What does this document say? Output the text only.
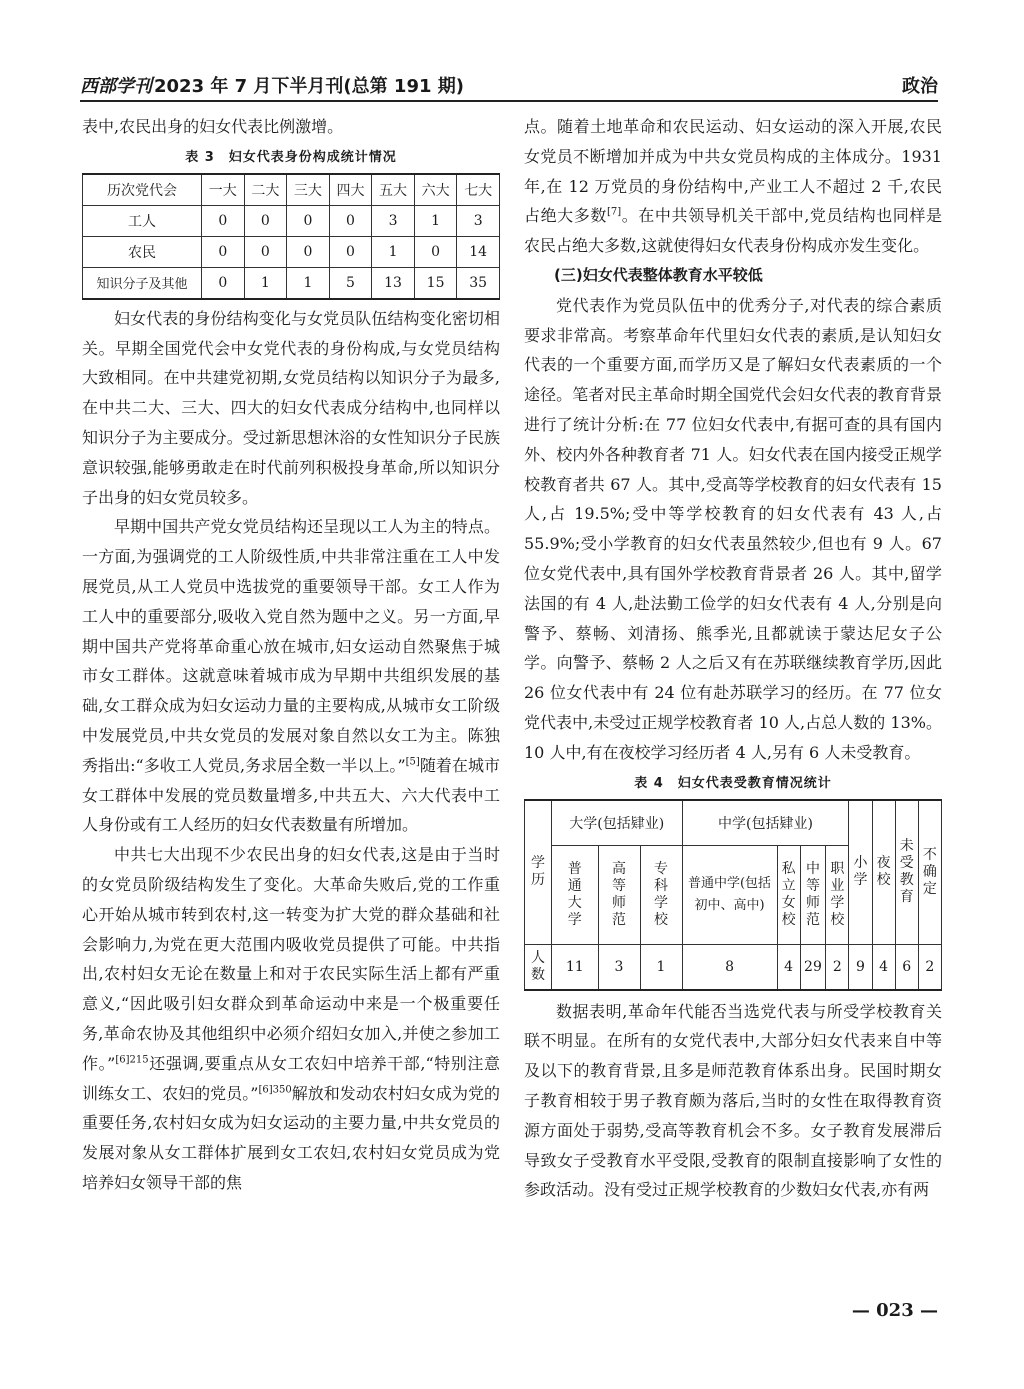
西部学刊 2023 年 7 月下半月刊(总第 191 期)	政治

表中,农民出身的妇女代表比例激增。

表 3　妇女代表身份构成统计情况
历次党代会	一大	二大	三大	四大	五大	六大	七大
工人	0	0	0	0	3	1	3
农民	0	0	0	0	1	0	14
知识分子及其他	0	1	1	5	13	15	35

妇女代表的身份结构变化与女党员队伍结构变化密切相关。早期全国党代会中女党代表的身份构成,与女党员结构大致相同。在中共建党初期,女党员结构以知识分子为最多,在中共二大、三大、四大的妇女代表成分结构中,也同样以知识分子为主要成分。受过新思想沐浴的女性知识分子民族意识较强,能够勇敢走在时代前列积极投身革命,所以知识分子出身的妇女党员较多。

早期中国共产党女党员结构还呈现以工人为主的特点。一方面,为强调党的工人阶级性质,中共非常注重在工人中发展党员,从工人党员中选拔党的重要领导干部。女工人作为工人中的重要部分,吸收入党自然为题中之义。另一方面,早期中国共产党将革命重心放在城市,妇女运动自然聚焦于城市女工群体。这就意味着城市成为早期中共组织发展的基础,女工群众成为妇女运动力量的主要构成,从城市女工阶级中发展党员,中共女党员的发展对象自然以女工为主。陈独秀指出:“多收工人党员,务求居全数一半以上。”[5]随着在城市女工群体中发展的党员数量增多,中共五大、六大代表中工人身份或有工人经历的妇女代表数量有所增加。

中共七大出现不少农民出身的妇女代表,这是由于当时的女党员阶级结构发生了变化。大革命失败后,党的工作重心开始从城市转到农村,这一转变为扩大党的群众基础和社会影响力,为党在更大范围内吸收党员提供了可能。中共指出,农村妇女无论在数量上和对于农民实际生活上都有严重意义,“因此吸引妇女群众到革命运动中来是一个极重要任务,革命农协及其他组织中必须介绍妇女加入,并使之参加工作。”$^{[6]215}$还强调,要重点从女工农妇中培养干部,“特别注意训练女工、农妇的党员。”$^{[6]350}$解放和发动农村妇女成为党的重要任务,农村妇女成为妇女运动的主要力量,中共女党员的发展对象从女工群体扩展到女工农妇,农村妇女党员成为党培养妇女领导干部的焦

点。随着土地革命和农民运动、妇女运动的深入开展,农民女党员不断增加并成为中共女党员构成的主体成分。1931 年,在 12 万党员的身份结构中,产业工人不超过 2 千,农民占绝大多数[7]。在中共领导机关干部中,党员结构也同样是农民占绝大多数,这就使得妇女代表身份构成亦发生变化。

(三)妇女代表整体教育水平较低

党代表作为党员队伍中的优秀分子,对代表的综合素质要求非常高。考察革命年代里妇女代表的素质,是认知妇女代表的一个重要方面,而学历又是了解妇女代表素质的一个途径。笔者对民主革命时期全国党代会妇女代表的教育背景进行了统计分析:在 77 位妇女代表中,有据可查的具有国内外、校内外各种教育者 71 人。妇女代表在国内接受正规学校教育者共 67 人。其中,受高等学校教育的妇女代表有 15 人,占 19.5%;受中等学校教育的妇女代表有 43 人,占 55.9%;受小学教育的妇女代表虽然较少,但也有 9 人。67 位女党代表中,具有国外学校教育背景者 26 人。其中,留学法国的有 4 人,赴法勤工俭学的妇女代表有 4 人,分别是向警予、蔡畅、刘清扬、熊季光,且都就读于蒙达尼女子公学。向警予、蔡畅 2 人之后又有在苏联继续教育学历,因此 26 位女代表中有 24 位有赴苏联学习的经历。在 77 位女党代表中,未受过正规学校教育者 10 人,占总人数的 13%。10 人中,有在夜校学习经历者 4 人,另有 6 人未受教育。

表 4　妇女代表受教育情况统计
学历	大学(包括肄业)			中学(包括肄业)				小学	夜校	未受教育	不确定
	普通大学	高等师范	专科学校	普通中学(包括初中、高中)	私立女校	中等师范	职业学校				
人数	11	3	1	8	4	29	2	9	4	6	2

数据表明,革命年代能否当选党代表与所受学校教育关联不明显。在所有的女党代表中,大部分妇女代表来自中等及以下的教育背景,且多是师范教育体系出身。民国时期女子教育相较于男子教育颇为落后,当时的女性在取得教育资源方面处于弱势,受高等教育机会不多。女子教育发展滞后导致女子受教育水平受限,受教育的限制直接影响了女性的参政活动。没有受过正规学校教育的少数妇女代表,亦有两

— 023 —
